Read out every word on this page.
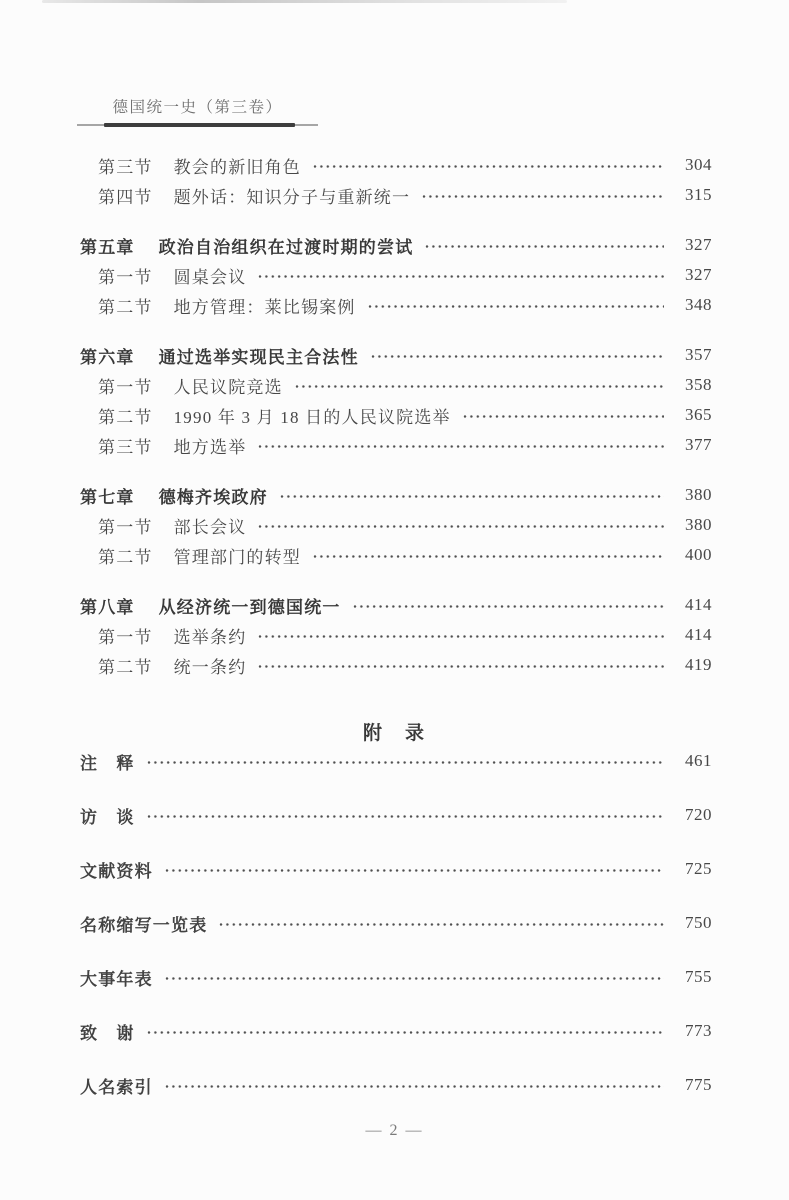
德国统一史（第三卷）
第三节 教会的新旧角色	304
第四节 题外话：知识分子与重新统一	315
第五章 政治自治组织在过渡时期的尝试	327
第一节 圆桌会议	327
第二节 地方管理：莱比锡案例	348
第六章 通过选举实现民主合法性	357
第一节 人民议院竞选	358
第二节 1990 年 3 月 18 日的人民议院选举	365
第三节 地方选举	377
第七章 德梅齐埃政府	380
第一节 部长会议	380
第二节 管理部门的转型	400
第八章 从经济统一到德国统一	414
第一节 选举条约	414
第二节 统一条约	419
附　录
注　释	461
访　谈	720
文献资料	725
名称缩写一览表	750
大事年表	755
致　谢	773
人名索引	775
— 2 —
